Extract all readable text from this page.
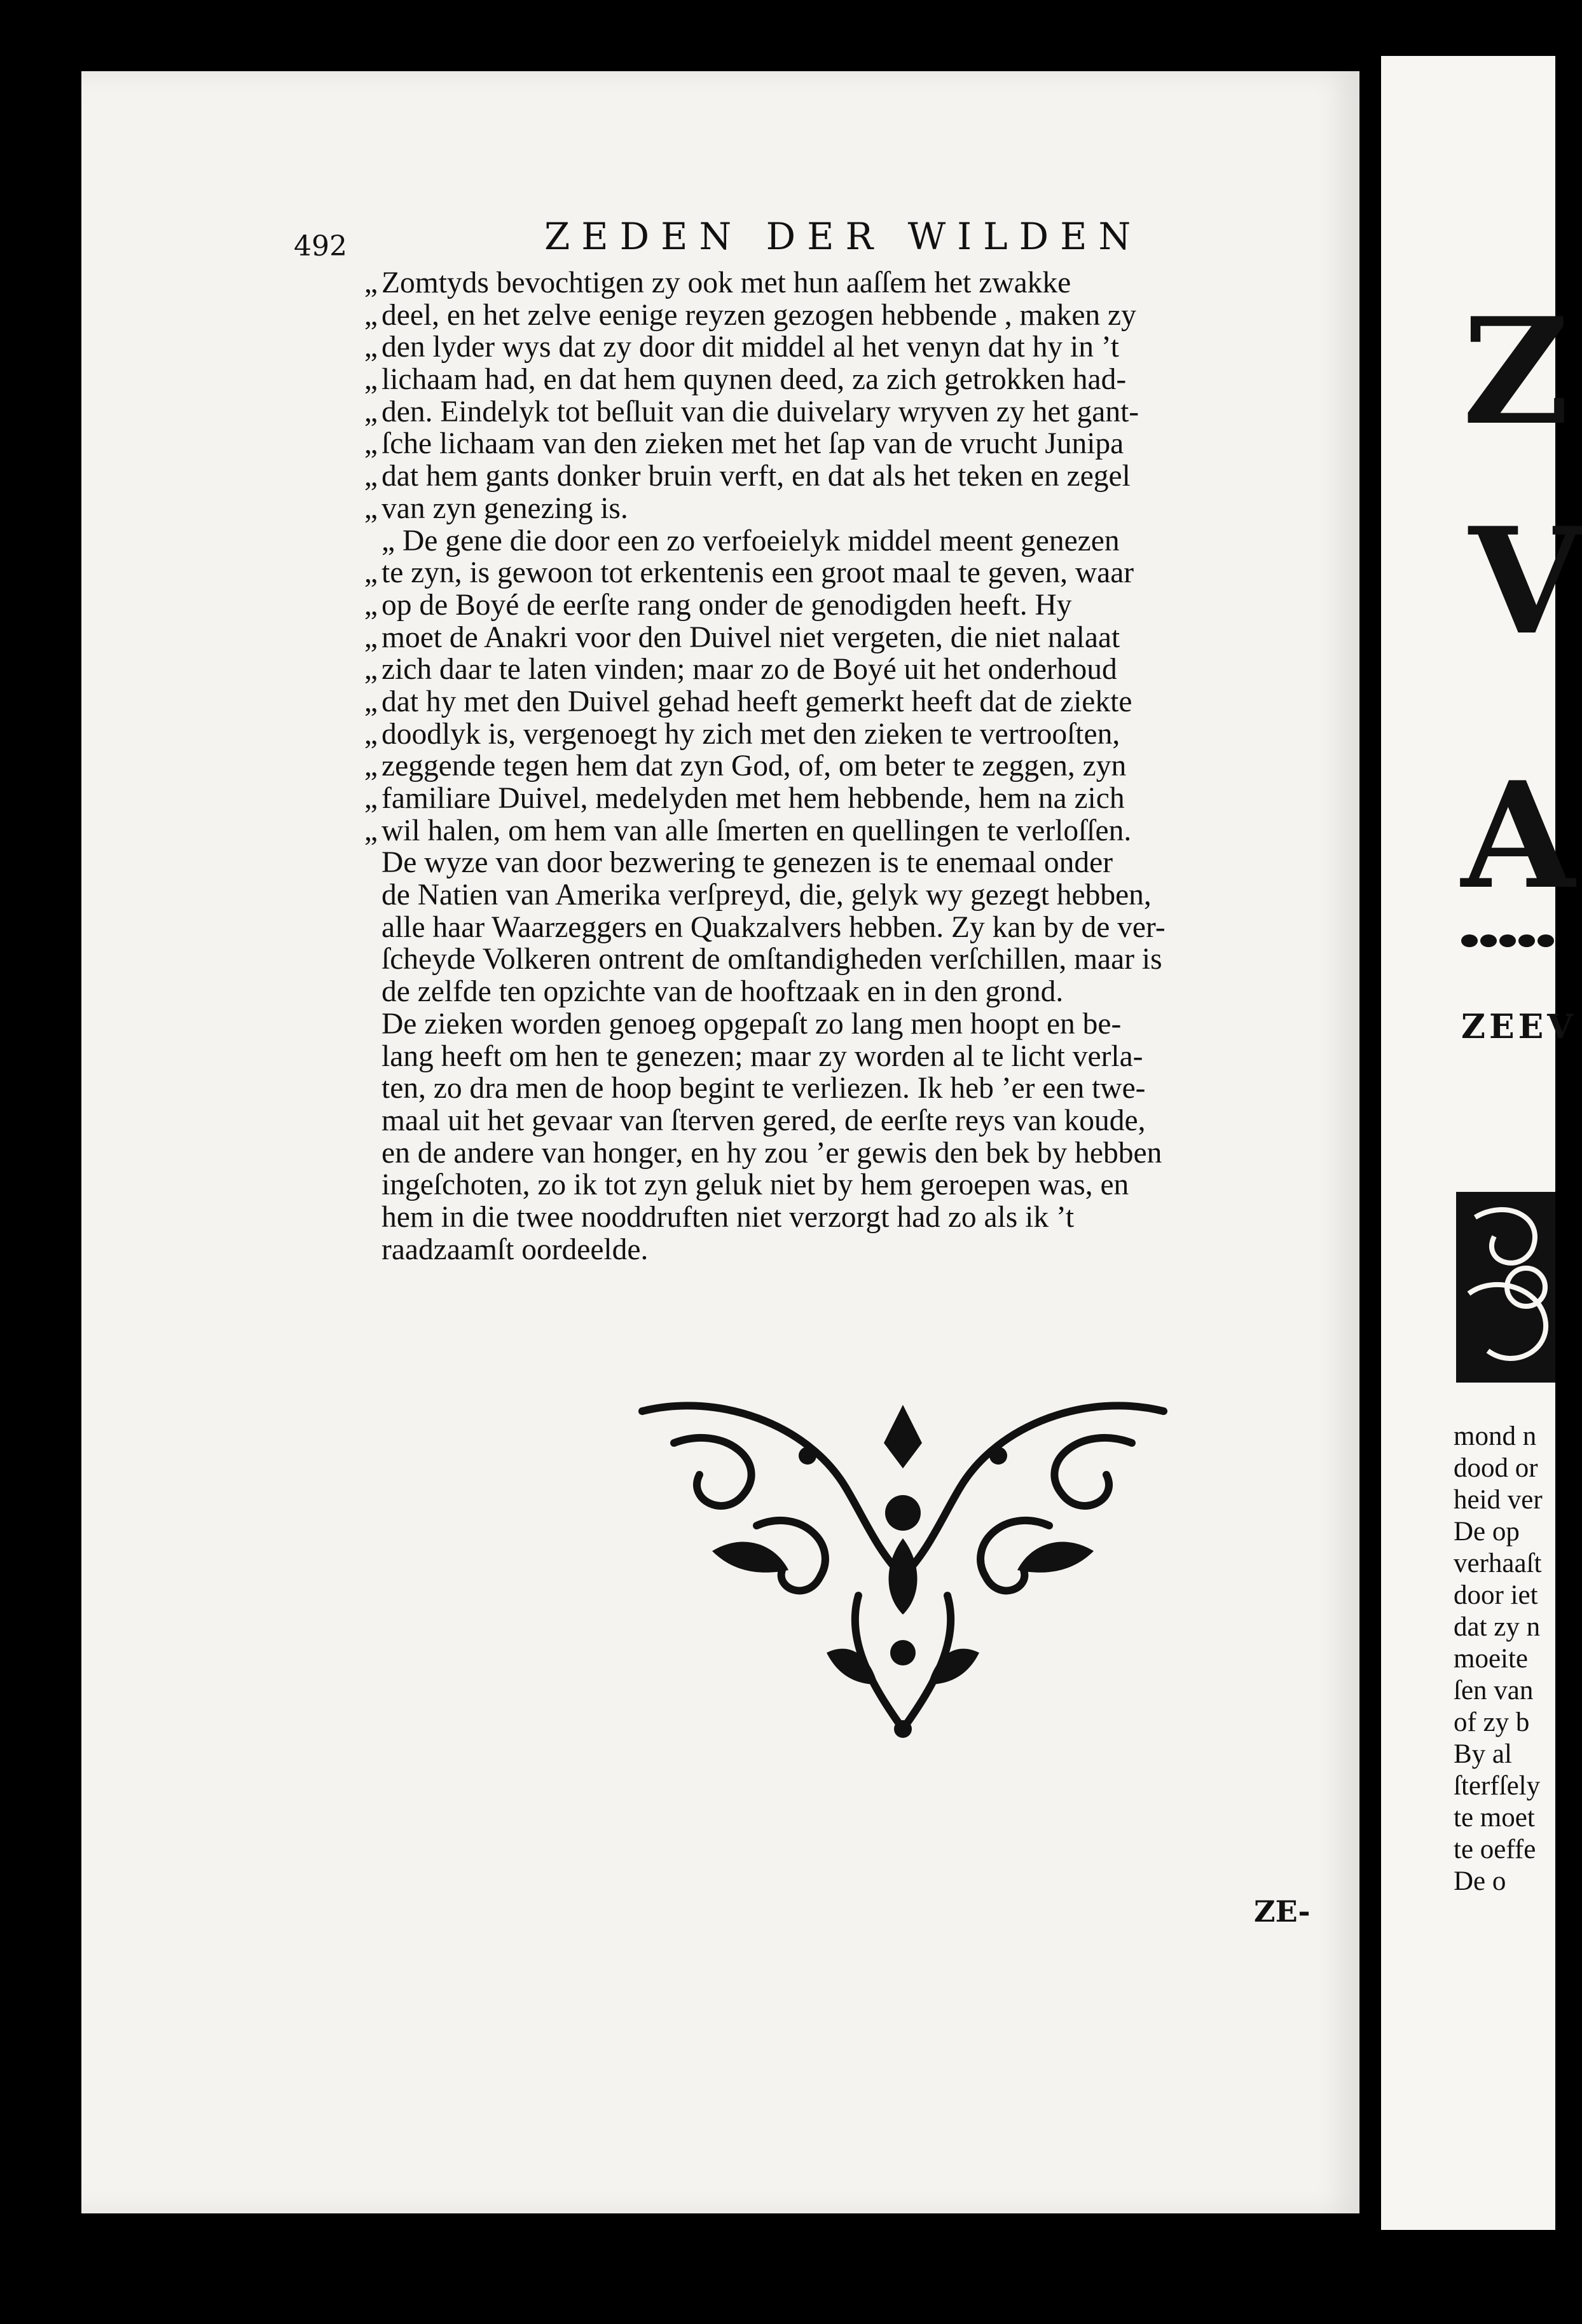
492	ZEDEN DER WILDEN
„ Zomtyds bevochtigen zy ook met hun aaſſem het zwakke
„ deel, en het zelve eenige reyzen gezogen hebbende , maken zy
„ den lyder wys dat zy door dit middel al het venyn dat hy in ’t
„ lichaam had, en dat hem quynen deed, za zich getrokken had-
„ den. Eindelyk tot beſluit van die duivelary wryven zy het gant-
„ ſche lichaam van den zieken met het ſap van de vrucht Junipa
„ dat hem gants donker bruin verft, en dat als het teken en zegel
„ van zyn genezing is.
„ De gene die door een zo verfoeielyk middel meent genezen
„ te zyn, is gewoon tot erkentenis een groot maal te geven, waar
„ op de Boyé de eerſte rang onder de genodigden heeft. Hy
„ moet de Anakri voor den Duivel niet vergeten, die niet nalaat
„ zich daar te laten vinden; maar zo de Boyé uit het onderhoud
„ dat hy met den Duivel gehad heeft gemerkt heeft dat de ziekte
„ doodlyk is, vergenoegt hy zich met den zieken te vertrooſten,
„ zeggende tegen hem dat zyn God, of, om beter te zeggen, zyn
„ familiare Duivel, medelyden met hem hebbende, hem na zich
„ wil halen, om hem van alle ſmerten en quellingen te verloſſen.
De wyze van door bezwering te genezen is te enemaal onder
de Natien van Amerika verſpreyd, die, gelyk wy gezegt hebben,
alle haar Waarzeggers en Quakzalvers hebben. Zy kan by de ver-
ſcheyde Volkeren ontrent de omſtandigheden verſchillen, maar is
de zelfde ten opzichte van de hooftzaak en in den grond.
De zieken worden genoeg opgepaſt zo lang men hoopt en be-
lang heeft om hen te genezen; maar zy worden al te licht verla-
ten, zo dra men de hoop begint te verliezen. Ik heb ’er een twe-
maal uit het gevaar van ſterven gered, de eerſte reys van koude,
en de andere van honger, en hy zou ’er gewis den bek by hebben
ingeſchoten, zo ik tot zyn geluk niet by hem geroepen was, en
hem in die twee nooddruften niet verzorgt had zo als ik ’t
raadzaamſt oordeelde.
ZE-
Z
V
A
ZEEV
mond n
dood or
heid ver
De op
verhaaſt
door iet
dat zy n
moeite
ſen van
of zy b
By al
ſterfſely
te moet
te oeffe
De o
